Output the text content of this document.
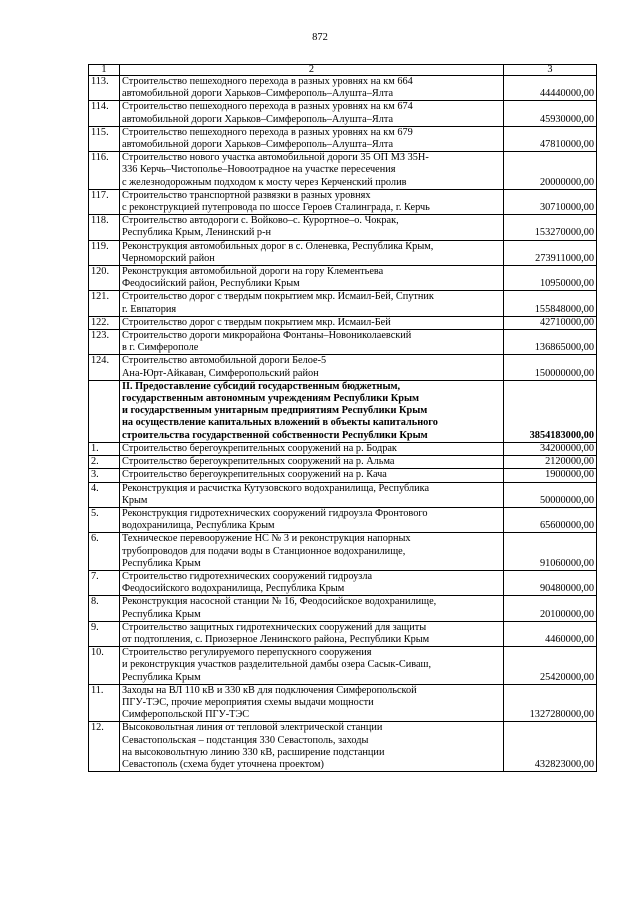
872
1	2	3
113.	Строительство пешеходного перехода в разных уровнях на км 664
автомобильной дороги Харьков–Симферополь–Алушта–Ялта	44440000,00
114.	Строительство пешеходного перехода в разных уровнях на км 674
автомобильной дороги Харьков–Симферополь–Алушта–Ялта	45930000,00
115.	Строительство пешеходного перехода в разных уровнях на км 679
автомобильной дороги Харьков–Симферополь–Алушта–Ялта	47810000,00
116.	Строительство нового участка автомобильной дороги 35 ОП МЗ 35Н-
336 Керчь–Чистополье–Новоотрадное на участке пересечения
с железнодорожным подходом к мосту через Керченский пролив	20000000,00
117.	Строительство транспортной развязки в разных уровнях
с реконструкцией путепровода по шоссе Героев Сталинграда, г. Керчь	30710000,00
118.	Строительство автодороги с. Войково–с. Курортное–о. Чокрак,
Республика Крым, Ленинский р-н	153270000,00
119.	Реконструкция автомобильных дорог в с. Оленевка, Республика Крым,
Черноморский район	273911000,00
120.	Реконструкция автомобильной дороги на гору Клементьева
Феодосийский район, Республики Крым	10950000,00
121.	Строительство дорог с твердым покрытием мкр. Исмаил-Бей, Спутник
г. Евпатория	155848000,00
122.	Строительство дорог с твердым покрытием мкр. Исмаил-Бей	42710000,00
123.	Строительство дороги микрорайона Фонтаны–Новониколаевский
в г. Симферополе	136865000,00
124.	Строительство автомобильной дороги Белое-5
Ана-Юрт-Айкаван, Симферопольский район	150000000,00

	II. Предоставление субсидий государственным бюджетным,
государственным автономным учреждениям Республики Крым
и государственным унитарным предприятиям Республики Крым
на осуществление капитальных вложений в объекты капитального
строительства государственной собственности Республики Крым	3854183000,00
1.	Строительство берегоукрепительных сооружений на р. Бодрак	34200000,00
2.	Строительство берегоукрепительных сооружений на р. Альма	2120000,00
3.	Строительство берегоукрепительных сооружений на р. Кача	1900000,00
4.	Реконструкция и расчистка Кутузовского водохранилища, Республика
Крым	50000000,00
5.	Реконструкция гидротехнических сооружений гидроузла Фронтового
водохранилища, Республика Крым	65600000,00
6.	Техническое перевооружение НС № 3 и реконструкция напорных
трубопроводов для подачи воды в Станционное водохранилище,
Республика Крым	91060000,00
7.	Строительство гидротехнических сооружений гидроузла
Феодосийского водохранилища, Республика Крым	90480000,00
8.	Реконструкция насосной станции № 16, Феодосийское водохранилище,
Республика Крым	20100000,00
9.	Строительство защитных гидротехнических сооружений для защиты
от подтопления, с. Приозерное Ленинского района, Республики Крым	4460000,00
10.	Строительство регулируемого перепускного сооружения
и реконструкция участков разделительной дамбы озера Сасык-Сиваш,
Республика Крым	25420000,00
11.	Заходы на ВЛ 110 кВ и 330 кВ для подключения Симферопольской
ПГУ-ТЭС, прочие мероприятия схемы выдачи мощности
Симферопольской ПГУ-ТЭС	1327280000,00
12.	Высоковольтная линия от тепловой электрической станции
Севастопольская – подстанция 330 Севастополь, заходы
на высоковольтную линию 330 кВ, расширение подстанции
Севастополь (схема будет уточнена проектом)	432823000,00
